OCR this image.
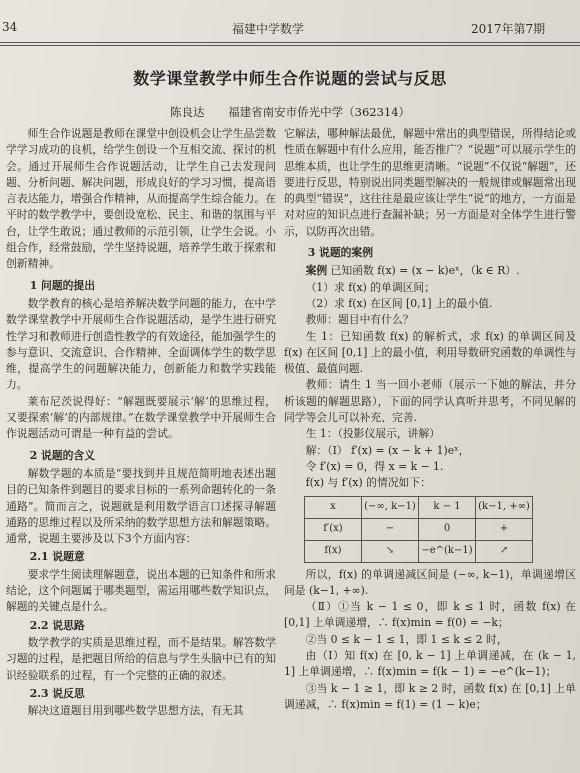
34	福建中学数学	2017年第7期
数学课堂教学中师生合作说题的尝试与反思
陈良达 福建省南安市侨光中学（362314）

师生合作说题是教师在课堂中创设机会让学生品尝数学学习成功的良机，给学生创设一个互相交流、探讨的机会。通过开展师生合作说题活动，让学生自己去发现问题、分析问题、解决问题，形成良好的学习习惯，提高语言表达能力，增强合作精神，从而提高学生综合能力。在平时的数学教学中，要创设宽松、民主、和谐的氛围与平台，让学生敢说；通过教师的示范引领，让学生会说。小组合作，经常鼓励，学生坚持说题，培养学生敢于探索和创新精神。

1 问题的提出

数学教育的核心是培养解决数学问题的能力，在中学数学课堂教学中开展师生合作说题活动，是学生进行研究性学习和教师进行创造性教学的有效途径，能加强学生的参与意识、交流意识、合作精神、全面调体学生的数学思维，提高学生的问题解决能力，创新能力和数学实践能力。

莱布尼茨说得好：“解题既要展示‘解’的思维过程，又要探索‘解’的内部规律。”在数学课堂教学中开展师生合作说题活动可谓是一种有益的尝试。

2 说题的含义

解数学题的本质是“要找到并且规范简明地表述出题目的已知条件到题目的要求目标的一系列命题转化的一条通路”。简而言之，说题就是利用数学语言口述探寻解题通路的思维过程以及所采纳的数学思想方法和解题策略。通常，说题主要涉及以下3个方面内容：

2.1 说题意

要求学生阅读理解题意，说出本题的已知条件和所求结论，这个问题属于哪类题型，需运用哪些数学知识点，解题的关键点是什么。

2.2 说思路

数学教学的实质是思维过程，而不是结果。解答数学习题的过程，是把题目所给的信息与学生头脑中已有的知识经验联系的过程，有一个完整的正确的叙述。

2.3 说反思

解决这道题目用到哪些数学思想方法，有无其

它解法，哪种解法最优，解题中常出的典型错误，所得结论或性质在解题中有什么应用，能否推广？“说题”可以展示学生的思维本质，也让学生的思维更清晰。“说题”不仅说“解题”，还要进行反思，特别说出同类题型解决的一般规律或解题常出现的典型“错误”，这往往是最应该让学生“说”的地方，一方面是对对应的知识点进行查漏补缺；另一方面是对全体学生进行警示，以防再次出错。

3 说题的案例
案例 已知函数 f(x) = (x − k)eˣ，（k ∈ R）.
（1）求 f(x) 的单调区间；
（2）求 f(x) 在区间 [0,1] 上的最小值.
教师：题目中有什么？

生 1：已知函数 f(x) 的解析式，求 f(x) 的单调区间及 f(x) 在区间 [0,1] 上的最小值，利用导数研究函数的单调性与极值、最值问题.

教师：请生 1 当一回小老师（展示一下她的解法，并分析该题的解题思路），下面的同学认真听并思考，不同见解的同学等会儿可以补充、完善.

生 1：（投影仪展示，讲解）
解：（Ⅰ） f′(x) = (x − k + 1)eˣ，
令 f′(x) = 0，得 x = k − 1.
f(x) 与 f′(x) 的情况如下：
x	(−∞, k−1)	k − 1	(k−1, +∞)
f′(x)	−	0	+
f(x)	↘	−e^(k−1)	↗

所以，f(x) 的单调递减区间是 (−∞, k−1)，单调递增区间是 (k−1, +∞).

（Ⅱ）①当 k − 1 ≤ 0，即 k ≤ 1 时，函数 f(x) 在 [0,1] 上单调递增，∴ f(x)min = f(0) = −k；

②当 0 ≤ k − 1 ≤ 1，即 1 ≤ k ≤ 2 时，

由（Ⅰ）知 f(x) 在 [0, k − 1] 上单调递减，在 (k − 1, 1] 上单调递增，∴ f(x)min = f(k − 1) = −e^(k−1)；

③当 k − 1 ≥ 1，即 k ≥ 2 时，函数 f(x) 在 [0,1] 上单调递减，∴ f(x)min = f(1) = (1 − k)e；
